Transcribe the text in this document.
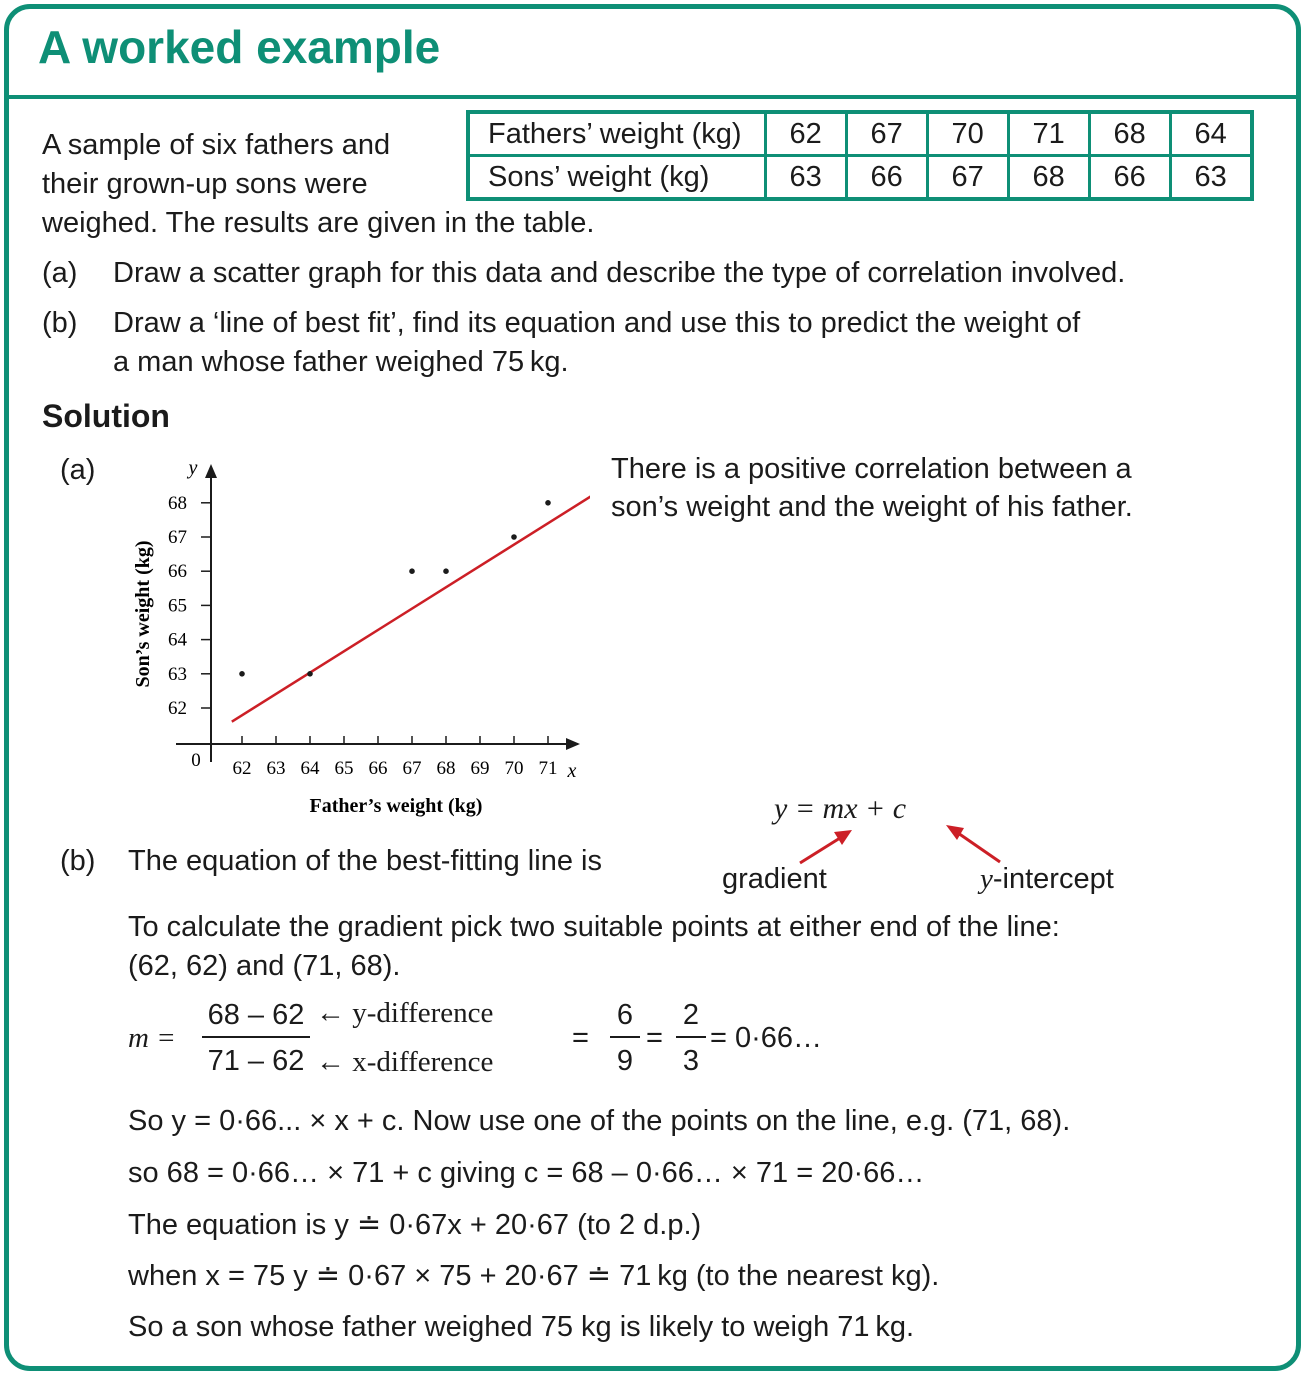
A worked example
A sample of six fathers and
their grown-up sons were
weighed. The results are given in the table.
Fathers’ weight (kg)	62	67	70	71	68	64
Sons’ weight (kg)	63	66	67	68	66	63
(a) Draw a scatter graph for this data and describe the type of correlation involved.
(b) Draw a ‘line of best fit’, find its equation and use this to predict the weight of
a man whose father weighed 75 kg.
Solution
(a)
0	x
y
Father’s weight (kg)
Son’s weight (kg)
62 63 64 65 66 67 68 69 70 71
62
63
64
65
66
67
68
There is a positive correlation between a
son’s weight and the weight of his father.
y = mx + c
gradient	y-intercept
(b) The equation of the best-fitting line is
To calculate the gradient pick two suitable points at either end of the line:
(62, 62) and (71, 68).
m =
68 – 62
71 – 62
← y-difference
← x-difference
=
6
9
=
2
3
= 0·66…
So y = 0·66... × x + c. Now use one of the points on the line, e.g. (71, 68).
so 68 = 0·66… × 71 + c giving c = 68 – 0·66… × 71 = 20·66…
The equation is y ≐ 0·67x + 20·67 (to 2 d.p.)
when x = 75 y ≐ 0·67 × 75 + 20·67 ≐ 71 kg (to the nearest kg).
So a son whose father weighed 75 kg is likely to weigh 71 kg.
